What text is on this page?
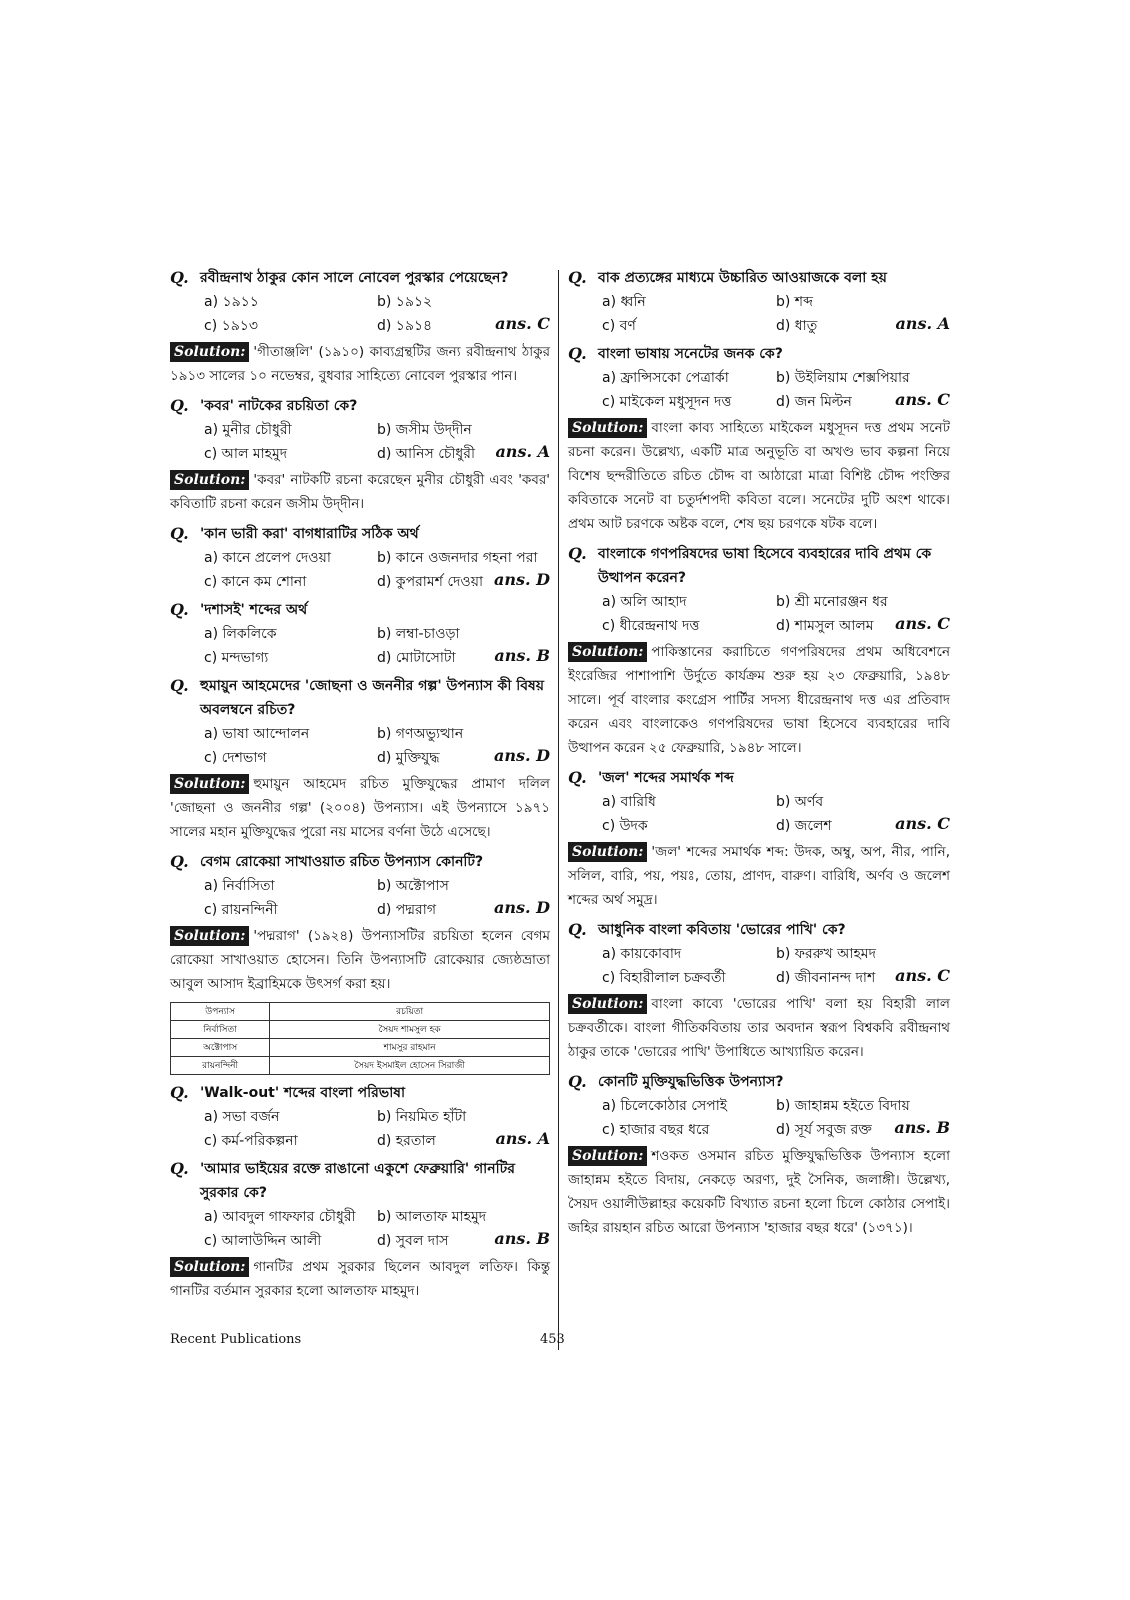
Q. রবীন্দ্রনাথ ঠাকুর কোন সালে নোবেল পুরস্কার পেয়েছেন?
a) ১৯১১	b) ১৯১২
c) ১৯১৩	d) ১৯১৪	ans. C
Solution: 'গীতাঞ্জলি' (১৯১০) কাব্যগ্রন্থটির জন্য রবীন্দ্রনাথ ঠাকুর ১৯১৩ সালের ১০ নভেম্বর, বুধবার সাহিত্যে নোবেল পুরস্কার পান।
Q. 'কবর' নাটকের রচয়িতা কে?
a) মুনীর চৌধুরী	b) জসীম উদ্‌দীন
c) আল মাহমুদ	d) আনিস চৌধুরী	ans. A
Solution: 'কবর' নাটকটি রচনা করেছেন মুনীর চৌধুরী এবং 'কবর' কবিতাটি রচনা করেন জসীম উদ্‌দীন।
Q. 'কান ভারী করা' বাগধারাটির সঠিক অর্থ
a) কানে প্রলেপ দেওয়া	b) কানে ওজনদার গহনা পরা
c) কানে কম শোনা	d) কুপরামর্শ দেওয়া ans. D
Q. 'দশাসই' শব্দের অর্থ
a) লিকলিকে	b) লম্বা-চাওড়া
c) মন্দভাগ্য	d) মোটাসোটা	ans. B
Q. হুমায়ুন আহমেদের 'জোছনা ও জননীর গল্প' উপন্যাস কী বিষয় অবলম্বনে রচিত?
a) ভাষা আন্দোলন	b) গণঅভ্যুত্থান
c) দেশভাগ	d) মুক্তিযুদ্ধ	ans. D
Solution: হুমায়ুন আহমেদ রচিত মুক্তিযুদ্ধের প্রামাণ দলিল 'জোছনা ও জননীর গল্প' (২০০৪) উপন্যাস। এই উপন্যাসে ১৯৭১ সালের মহান মুক্তিযুদ্ধের পুরো নয় মাসের বর্ণনা উঠে এসেছে।
Q. বেগম রোকেয়া সাখাওয়াত রচিত উপন্যাস কোনটি?
a) নির্বাসিতা	b) অক্টোপাস
c) রায়নন্দিনী	d) পদ্মরাগ	ans. D
Solution: 'পদ্মরাগ' (১৯২৪) উপন্যাসটির রচয়িতা হলেন বেগম রোকেয়া সাখাওয়াত হোসেন। তিনি উপন্যাসটি রোকেয়ার জ্যেষ্ঠভ্রাতা আবুল আসাদ ইব্রাহিমকে উৎসর্গ করা হয়।
উপন্যাস	রচয়িতা
নির্বাসিতা	সৈয়দ শামসুল হক
অক্টোপাস	শামসুর রাহমান
রায়নন্দিনী	সৈয়দ ইসমাইল হোসেন সিরাজী
Q. 'Walk-out' শব্দের বাংলা পরিভাষা
a) সভা বর্জন	b) নিয়মিত হাঁটা
c) কর্ম-পরিকল্পনা	d) হরতাল	ans. A
Q. 'আমার ভাইয়ের রক্তে রাঙানো একুশে ফেব্রুয়ারি' গানটির সুরকার কে?
a) আবদুল গাফফার চৌধুরী	b) আলতাফ মাহমুদ
c) আলাউদ্দিন আলী	d) সুবল দাস	ans. B
Solution: গানটির প্রথম সুরকার ছিলেন আবদুল লতিফ। কিন্তু গানটির বর্তমান সুরকার হলো আলতাফ মাহমুদ।
Q. বাক প্রত্যঙ্গের মাধ্যমে উচ্চারিত আওয়াজকে বলা হয়
a) ধ্বনি	b) শব্দ
c) বর্ণ	d) ধাতু	ans. A
Q. বাংলা ভাষায় সনেটের জনক কে?
a) ফ্রান্সিসকো পেত্রার্কা	b) উইলিয়াম শেক্সপিয়ার
c) মাইকেল মধুসূদন দত্ত	d) জন মিল্টন	ans. C
Solution: বাংলা কাব্য সাহিত্যে মাইকেল মধুসূদন দত্ত প্রথম সনেট রচনা করেন। উল্লেখ্য, একটি মাত্র অনুভূতি বা অখণ্ড ভাব কল্পনা নিয়ে বিশেষ ছন্দরীতিতে রচিত চৌদ্দ বা আঠারো মাত্রা বিশিষ্ট চৌদ্দ পংক্তির কবিতাকে সনেট বা চতুর্দশপদী কবিতা বলে। সনেটের দুটি অংশ থাকে। প্রথম আট চরণকে অষ্টক বলে, শেষ ছয় চরণকে ষটক বলে।
Q. বাংলাকে গণপরিষদের ভাষা হিসেবে ব্যবহারের দাবি প্রথম কে উত্থাপন করেন?
a) অলি আহাদ	b) শ্রী মনোরঞ্জন ধর
c) ধীরেন্দ্রনাথ দত্ত	d) শামসুল আলম	ans. C
Solution: পাকিস্তানের করাচিতে গণপরিষদের প্রথম অধিবেশনে ইংরেজির পাশাপাশি উর্দুতে কার্যক্রম শুরু হয় ২৩ ফেব্রুয়ারি, ১৯৪৮ সালে। পূর্ব বাংলার কংগ্রেস পার্টির সদস্য ধীরেন্দ্রনাথ দত্ত এর প্রতিবাদ করেন এবং বাংলাকেও গণপরিষদের ভাষা হিসেবে ব্যবহারের দাবি উত্থাপন করেন ২৫ ফেব্রুয়ারি, ১৯৪৮ সালে।
Q. 'জল' শব্দের সমার্থক শব্দ
a) বারিধি	b) অর্ণব
c) উদক	d) জলেশ	ans. C
Solution: 'জল' শব্দের সমার্থক শব্দ: উদক, অম্বু, অপ, নীর, পানি, সলিল, বারি, পয়, পয়ঃ, তোয়, প্রাণদ, বারুণ। বারিধি, অর্ণব ও জলেশ শব্দের অর্থ সমুদ্র।
Q. আধুনিক বাংলা কবিতায় 'ভোরের পাখি' কে?
a) কায়কোবাদ	b) ফররুখ আহমদ
c) বিহারীলাল চক্রবর্তী	d) জীবনানন্দ দাশ	ans. C
Solution: বাংলা কাব্যে 'ভোরের পাখি' বলা হয় বিহারী লাল চক্রবর্তীকে। বাংলা গীতিকবিতায় তার অবদান স্বরূপ বিশ্বকবি রবীন্দ্রনাথ ঠাকুর তাকে 'ভোরের পাখি' উপাধিতে আখ্যায়িত করেন।
Q. কোনটি মুক্তিযুদ্ধভিত্তিক উপন্যাস?
a) চিলেকোঠার সেপাই	b) জাহান্নম হইতে বিদায়
c) হাজার বছর ধরে	d) সূর্য সবুজ রক্ত	ans. B
Solution: শওকত ওসমান রচিত মুক্তিযুদ্ধভিত্তিক উপন্যাস হলো জাহান্নম হইতে বিদায়, নেকড়ে অরণ্য, দুই সৈনিক, জলাঙ্গী। উল্লেখ্য, সৈয়দ ওয়ালীউল্লাহর কয়েকটি বিখ্যাত রচনা হলো চিলে কোঠার সেপাই। জহির রায়হান রচিত আরো উপন্যাস 'হাজার বছর ধরে' (১৩৭১)।
Recent Publications	453
